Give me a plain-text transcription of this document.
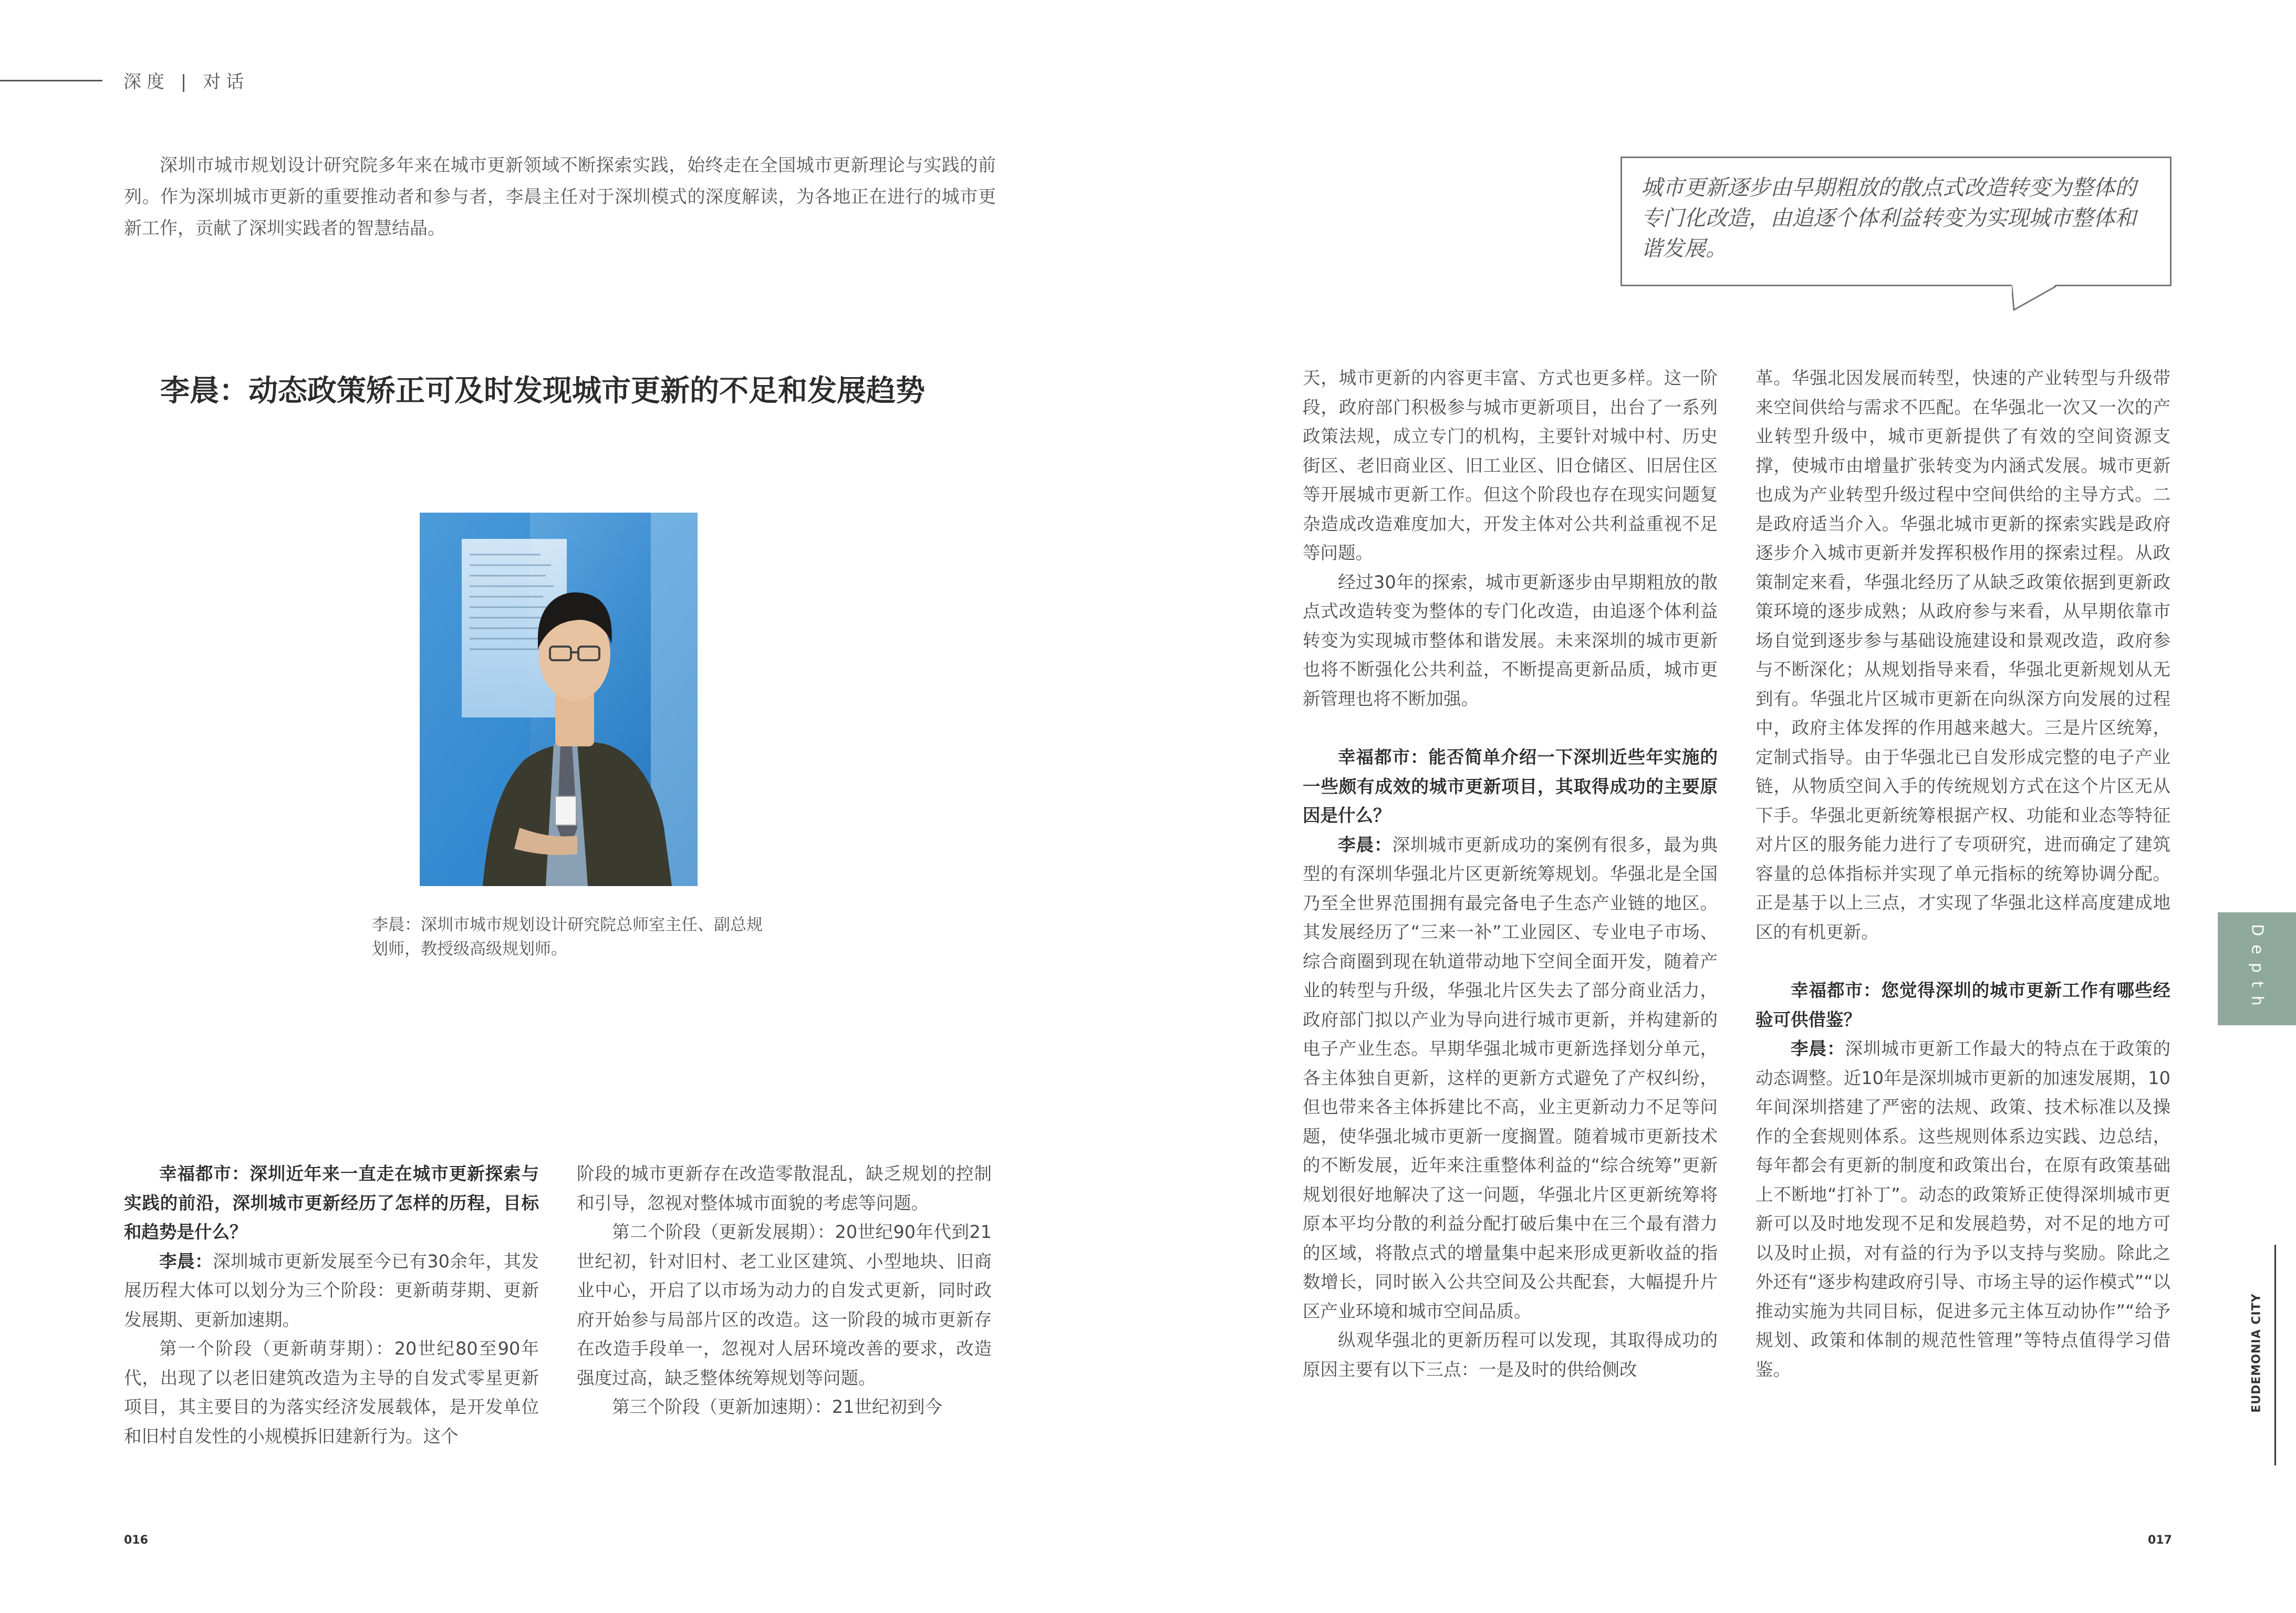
深度 | 对话

深圳市城市规划设计研究院多年来在城市更新领域不断探索实践，始终走在全国城市更新理论与实践的前列。作为深圳城市更新的重要推动者和参与者，李晨主任对于深圳模式的深度解读，为各地正在进行的城市更新工作，贡献了深圳实践者的智慧结晶。

城市更新逐步由早期粗放的散点式改造转变为整体的专门化改造，由追逐个体利益转变为实现城市整体和谐发展。

李晨：动态政策矫正可及时发现城市更新的不足和发展趋势

李晨：深圳市城市规划设计研究院总师室主任、副总规划师，教授级高级规划师。

幸福都市：深圳近年来一直走在城市更新探索与实践的前沿，深圳城市更新经历了怎样的历程，目标和趋势是什么？

李晨：深圳城市更新发展至今已有30余年，其发展历程大体可以划分为三个阶段：更新萌芽期、更新发展期、更新加速期。

第一个阶段（更新萌芽期）：20世纪80至90年代，出现了以老旧建筑改造为主导的自发式零星更新项目，其主要目的为落实经济发展载体，是开发单位和旧村自发性的小规模拆旧建新行为。这个

阶段的城市更新存在改造零散混乱，缺乏规划的控制和引导，忽视对整体城市面貌的考虑等问题。

第二个阶段（更新发展期）：20世纪90年代到21世纪初，针对旧村、老工业区建筑、小型地块、旧商业中心，开启了以市场为动力的自发式更新，同时政府开始参与局部片区的改造。这一阶段的城市更新存在改造手段单一，忽视对人居环境改善的要求，改造强度过高，缺乏整体统筹规划等问题。

第三个阶段（更新加速期）：21世纪初到今

天，城市更新的内容更丰富、方式也更多样。这一阶段，政府部门积极参与城市更新项目，出台了一系列政策法规，成立专门的机构，主要针对城中村、历史街区、老旧商业区、旧工业区、旧仓储区、旧居住区等开展城市更新工作。但这个阶段也存在现实问题复杂造成改造难度加大，开发主体对公共利益重视不足等问题。

经过30年的探索，城市更新逐步由早期粗放的散点式改造转变为整体的专门化改造，由追逐个体利益转变为实现城市整体和谐发展。未来深圳的城市更新也将不断强化公共利益，不断提高更新品质，城市更新管理也将不断加强。

幸福都市：能否简单介绍一下深圳近些年实施的一些颇有成效的城市更新项目，其取得成功的主要原因是什么？

李晨：深圳城市更新成功的案例有很多，最为典型的有深圳华强北片区更新统筹规划。华强北是全国乃至全世界范围拥有最完备电子生态产业链的地区。其发展经历了“三来一补”工业园区、专业电子市场、综合商圈到现在轨道带动地下空间全面开发，随着产业的转型与升级，华强北片区失去了部分商业活力，政府部门拟以产业为导向进行城市更新，并构建新的电子产业生态。早期华强北城市更新选择划分单元，各主体独自更新，这样的更新方式避免了产权纠纷，但也带来各主体拆建比不高，业主更新动力不足等问题，使华强北城市更新一度搁置。随着城市更新技术的不断发展，近年来注重整体利益的“综合统筹”更新规划很好地解决了这一问题，华强北片区更新统筹将原本平均分散的利益分配打破后集中在三个最有潜力的区域，将散点式的增量集中起来形成更新收益的指数增长，同时嵌入公共空间及公共配套，大幅提升片区产业环境和城市空间品质。

纵观华强北的更新历程可以发现，其取得成功的原因主要有以下三点：一是及时的供给侧改

革。华强北因发展而转型，快速的产业转型与升级带来空间供给与需求不匹配。在华强北一次又一次的产业转型升级中，城市更新提供了有效的空间资源支撑，使城市由增量扩张转变为内涵式发展。城市更新也成为产业转型升级过程中空间供给的主导方式。二是政府适当介入。华强北城市更新的探索实践是政府逐步介入城市更新并发挥积极作用的探索过程。从政策制定来看，华强北经历了从缺乏政策依据到更新政策环境的逐步成熟；从政府参与来看，从早期依靠市场自觉到逐步参与基础设施建设和景观改造，政府参与不断深化；从规划指导来看，华强北更新规划从无到有。华强北片区城市更新在向纵深方向发展的过程中，政府主体发挥的作用越来越大。三是片区统筹，定制式指导。由于华强北已自发形成完整的电子产业链，从物质空间入手的传统规划方式在这个片区无从下手。华强北更新统筹根据产权、功能和业态等特征对片区的服务能力进行了专项研究，进而确定了建筑容量的总体指标并实现了单元指标的统筹协调分配。正是基于以上三点，才实现了华强北这样高度建成地区的有机更新。

幸福都市：您觉得深圳的城市更新工作有哪些经验可供借鉴？

李晨：深圳城市更新工作最大的特点在于政策的动态调整。近10年是深圳城市更新的加速发展期，10年间深圳搭建了严密的法规、政策、技术标准以及操作的全套规则体系。这些规则体系边实践、边总结，每年都会有更新的制度和政策出台，在原有政策基础上不断地“打补丁”。动态的政策矫正使得深圳城市更新可以及时地发现不足和发展趋势，对不足的地方可以及时止损，对有益的行为予以支持与奖励。除此之外还有“逐步构建政府引导、市场主导的运作模式”“以推动实施为共同目标，促进多元主体互动协作”“给予规划、政策和体制的规范性管理”等特点值得学习借鉴。

016	017
Depth
EUDEMONIA CITY
